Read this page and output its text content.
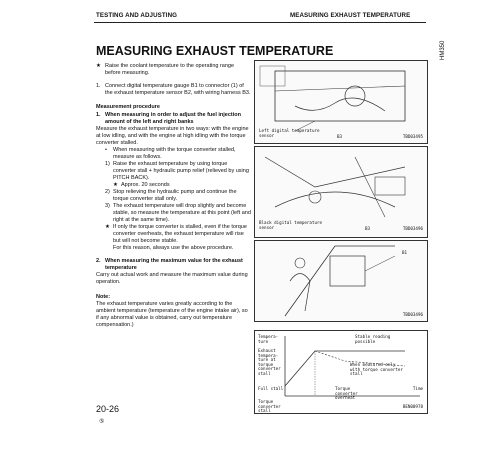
TESTING AND ADJUSTING	MEASURING EXHAUST TEMPERATURE
MEASURING EXHAUST TEMPERATURE
★ Raise the coolant temperature to the operating range before measuring.
1. Connect digital temperature gauge B1 to connector (1) of the exhaust temperature sensor B2, with wiring harness B3.

Measurement procedure

1. When measuring in order to adjust the fuel injection amount of the left and right banks

Measure the exhaust temperature in two ways: with the engine at low idling, and with the engine at high idling with the torque converter stalled.

•	When measuring with the torque converter stalled, measure as follows.
1) Raise the exhaust temperature by using torque converter stall + hydraulic pump relief (relieved by using PITCH BACK).
★ Approx. 20 seconds
2) Stop relieving the hydraulic pump and continue the torque converter stall only.
3) The exhaust temperature will drop slightly and become stable, so measure the temperature at this point (left and right at the same time).
★ If only the torque converter is stalled, even if the torque converter overheats, the exhaust temperature will rise but will not become stable.

For this reason, always use the above procedure.

2. When measuring the maximum value for the exhaust temperature

Carry out actual work and measure the maximum value during operation.

Note:

The exhaust temperature varies greatly according to the ambient temperature (temperature of the engine intake air), so if any abnormal value is obtained, carry out temperature compensation.)

Left digital temperature sensor	B3	TBD03495
Black digital temperature sensor	B3	TBD03496
B1
TBD03496
Tempera- ture
Stable reading possible
Exhaust tempera- ture at torque converter stall
When measured only with torque converter stall
Full stall
Torque converter stall
Torque converter overheat
Time
BEN00978
20-26
⑤
HM350
